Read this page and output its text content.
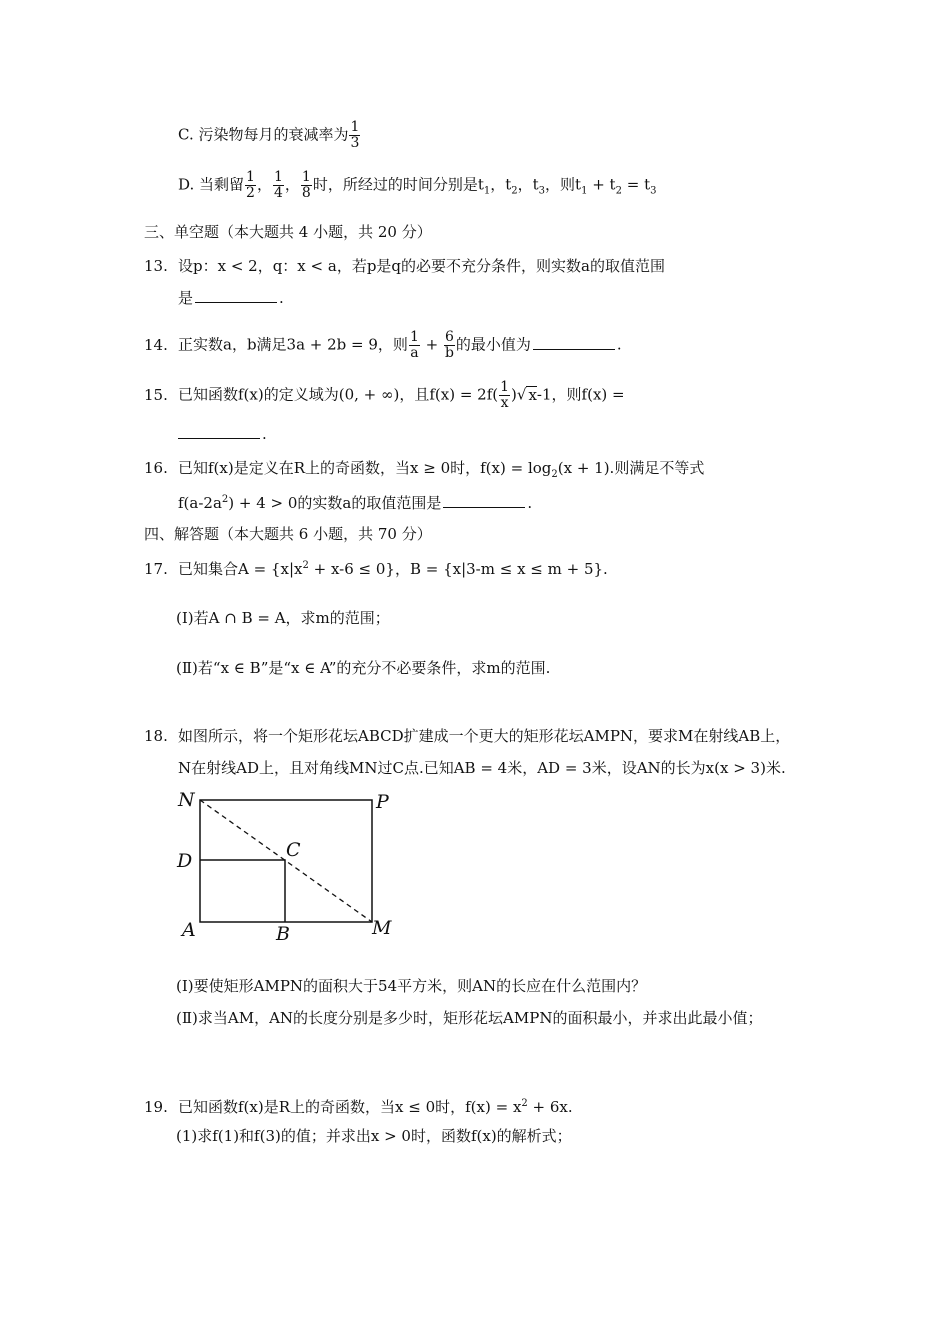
C. 污染物每月的衰减率为 $\frac{1}{3}$
D. 当剩留 $\frac{1}{2}$ ， $\frac{1}{4}$ ， $\frac{1}{8}$ 时，所经过的时间分别是$t_1$，$t_2$，$t_3$，则$t_1 + t_2 = t_3$
三、单空题（本大题共 4 小题，共 20 分）
13. 设p：x < 2，q：x < a，若p是q的必要不充分条件，则实数a的取值范围
是	.
14. 正实数a，b满足3a + 2b = 9，则 $\frac{1}{a} + \frac{6}{b}$ 的最小值为	.
15. 已知函数f(x)的定义域为(0, + ∞)，且$f(x) = 2f( \frac{1}{x}$ )√ x-1，则f(x) =
.
16. 已知f(x)是定义在R上的奇函数，当x ≥ 0时，$f(x) = \log_2(x + 1)$.则满足不等式
$f(a-2a^2) + 4 > 0$的实数a的取值范围是	.
四、解答题（本大题共 6 小题，共 70 分）
17. 已知集合$A = \{x|x^2 + x-6 \le 0\}$，B = {x|3-m ≤ x ≤ m + 5}.
(Ⅰ)若A ∩ B = A，求m的范围；
(Ⅱ)若“x ∈ B”是“x ∈ A”的充分不必要条件，求m的范围.
18. 如图所示，将一个矩形花坛ABCD扩建成一个更大的矩形花坛AMPN，要求M在射线AB上，
N在射线AD上，且对角线MN过C点.已知AB = 4米，AD = 3米，设AN的长为x(x > 3)米.
N	P
D	C
A	B	M
(Ⅰ)要使矩形AMPN的面积大于54平方米，则AN的长应在什么范围内？
(Ⅱ)求当AM，AN的长度分别是多少时，矩形花坛AMPN的面积最小，并求出此最小值；
19. 已知函数f(x)是R上的奇函数，当x ≤ 0时，$f(x) = x^2 + 6x$.
(1)求f(1)和f(3)的值；并求出x > 0时，函数f(x)的解析式；
